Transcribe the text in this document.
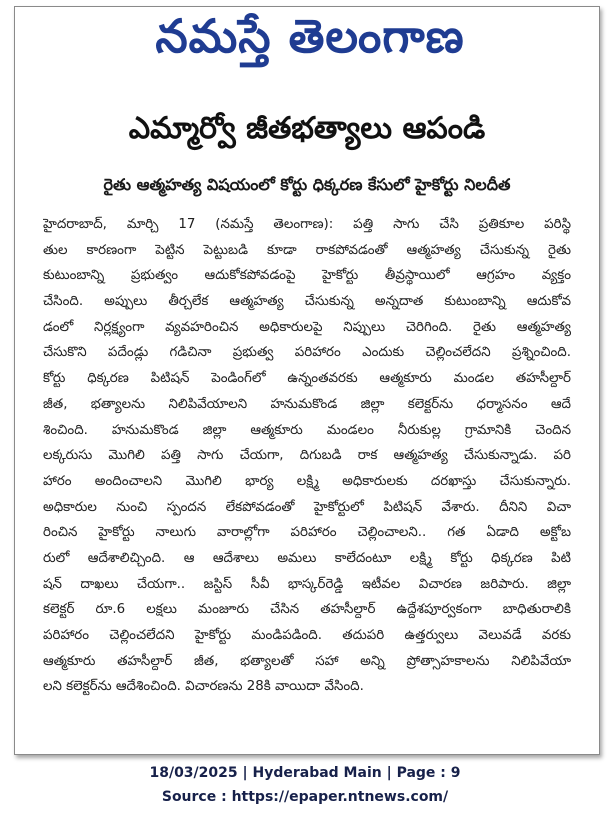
నమస్తే తెలంగాణ
ఎమ్మార్వో జీతభత్యాలు ఆపండి
రైతు ఆత్మహత్య విషయంలో కోర్టు ధిక్కరణ కేసులో హైకోర్టు నిలదీత
హైదరాబాద్, మార్చి 17 (నమస్తే తెలంగాణ): పత్తి సాగు చేసి ప్రతికూల పరిస్థి
తుల కారణంగా పెట్టిన పెట్టుబడి కూడా రాకపోవడంతో ఆత్మహత్య చేసుకున్న రైతు
కుటుంబాన్ని ప్రభుత్వం ఆదుకోకపోవడంపై హైకోర్టు తీవ్రస్థాయిలో ఆగ్రహం వ్యక్తం
చేసింది. అప్పులు తీర్చలేక ఆత్మహత్య చేసుకున్న అన్నదాత కుటుంబాన్ని ఆదుకోవ
డంలో నిర్లక్ష్యంగా వ్యవహరించిన అధికారులపై నిప్పులు చెరిగింది. రైతు ఆత్మహత్య
చేసుకొని పదేండ్లు గడిచినా ప్రభుత్వ పరిహారం ఎందుకు చెల్లించలేదని ప్రశ్నించింది.
కోర్టు ధిక్కరణ పిటిషన్ పెండింగ్‌లో ఉన్నంతవరకు ఆత్మకూరు మండల తహసీల్దార్
జీత, భత్యాలను నిలిపివేయాలని హనుమకొండ జిల్లా కలెక్టర్‌ను ధర్మాసనం ఆదే
శించింది. హనుమకొండ జిల్లా ఆత్మకూరు మండలం నీరుకుల్ల గ్రామానికి చెందిన
లక్కరుసు మొగిలి పత్తి సాగు చేయగా, దిగుబడి రాక ఆత్మహత్య చేసుకున్నాడు. పరి
హారం అందించాలని మొగిలి భార్య లక్ష్మి అధికారులకు దరఖాస్తు చేసుకున్నారు.
అధికారుల నుంచి స్పందన లేకపోవడంతో హైకోర్టులో పిటిషన్ వేశారు. దీనిని విచా
రించిన హైకోర్టు నాలుగు వారాల్లోగా పరిహారం చెల్లించాలని.. గత ఏడాది అక్టోబ
రులో ఆదేశాలిచ్చింది. ఆ ఆదేశాలు అమలు కాలేదంటూ లక్ష్మి కోర్టు ధిక్కరణ పిటి
షన్ దాఖలు చేయగా.. జస్టిస్ సీవీ భాస్కర్‌రెడ్డి ఇటీవల విచారణ జరిపారు. జిల్లా
కలెక్టర్ రూ.6 లక్షలు మంజూరు చేసిన తహసీల్దార్ ఉద్దేశపూర్వకంగా బాధితురాలికి
పరిహారం చెల్లించలేదని హైకోర్టు మండిపడింది. తదుపరి ఉత్తర్వులు వెలువడే వరకు
ఆత్మకూరు తహసీల్దార్ జీత, భత్యాలతో సహా అన్ని ప్రోత్సాహకాలను నిలిపివేయా
లని కలెక్టర్‌ను ఆదేశించింది. విచారణను 28కి వాయిదా వేసింది.
18/03/2025 | Hyderabad Main | Page : 9
Source : https://epaper.ntnews.com/
